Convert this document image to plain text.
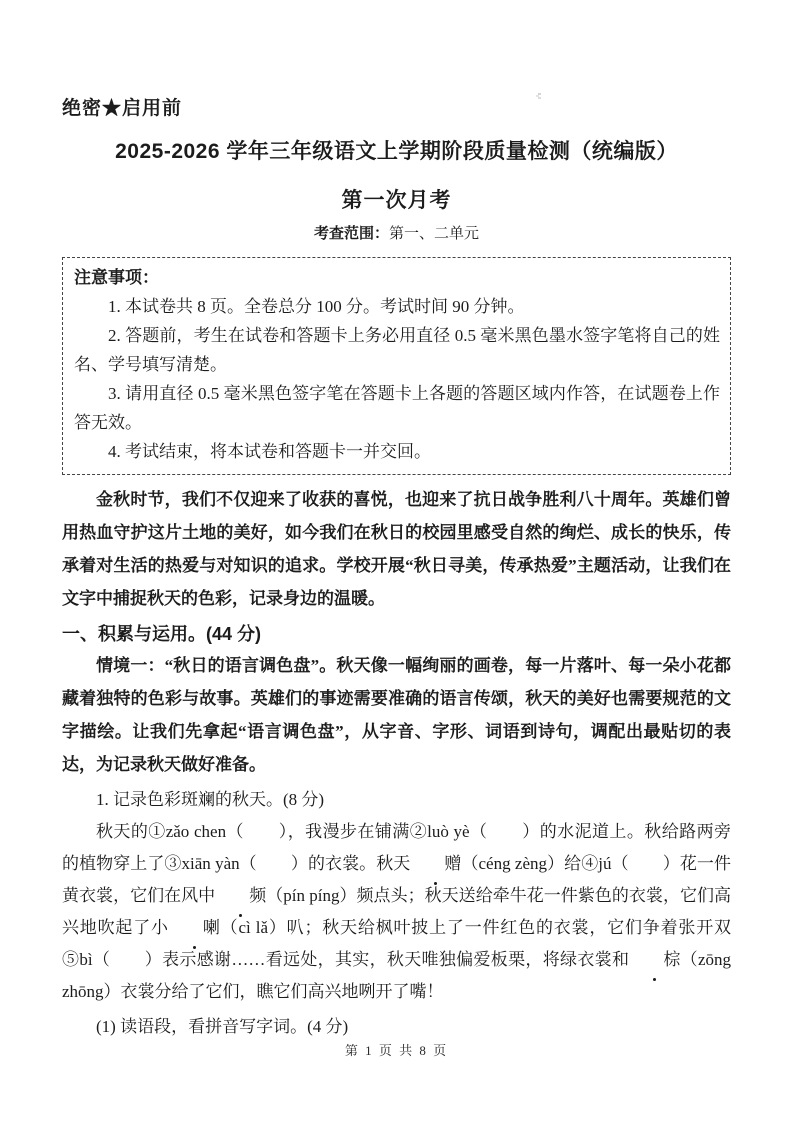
绝密★启用前
2025-2026 学年三年级语文上学期阶段质量检测（统编版）
第一次月考
考查范围：第一、二单元
注意事项：

1. 本试卷共 8 页。全卷总分 100 分。考试时间 90 分钟。

2. 答题前，考生在试卷和答题卡上务必用直径 0.5 毫米黑色墨水签字笔将自己的姓名、学号填写清楚。

3. 请用直径 0.5 毫米黑色签字笔在答题卡上各题的答题区域内作答，在试题卷上作答无效。

4. 考试结束，将本试卷和答题卡一并交回。

金秋时节，我们不仅迎来了收获的喜悦，也迎来了抗日战争胜利八十周年。英雄们曾用热血守护这片土地的美好，如今我们在秋日的校园里感受自然的绚烂、成长的快乐，传承着对生活的热爱与对知识的追求。学校开展“秋日寻美，传承热爱”主题活动，让我们在文字中捕捉秋天的色彩，记录身边的温暖。

一、积累与运用。(44 分)

情境一：“秋日的语言调色盘”。秋天像一幅绚丽的画卷，每一片落叶、每一朵小花都藏着独特的色彩与故事。英雄们的事迹需要准确的语言传颂，秋天的美好也需要规范的文字描绘。让我们先拿起“语言调色盘”，从字音、字形、词语到诗句，调配出最贴切的表达，为记录秋天做好准备。

1. 记录色彩斑斓的秋天。(8 分)

秋天的①zǎo chen（　　），我漫步在铺满②luò yè（　　）的水泥道上。秋给路两旁的植物穿上了③xiān yàn（　　）的衣裳。秋天 赠（céng zèng）给④jú（　　）花一件黄衣裳，它们在风中 频（pín píng）频点头；秋天送给牵牛花一件紫色的衣裳，它们高兴地吹起了小 喇（cì lǎ）叭；秋天给枫叶披上了一件红色的衣裳，它们争着张开双⑤bì（　　）表示感谢……看远处，其实，秋天唯独偏爱板栗，将绿衣裳和 棕（zōng zhōng）衣裳分给了它们，瞧它们高兴地咧开了嘴！

(1) 读语段，看拼音写字词。(4 分)

第 1 页 共 8 页
